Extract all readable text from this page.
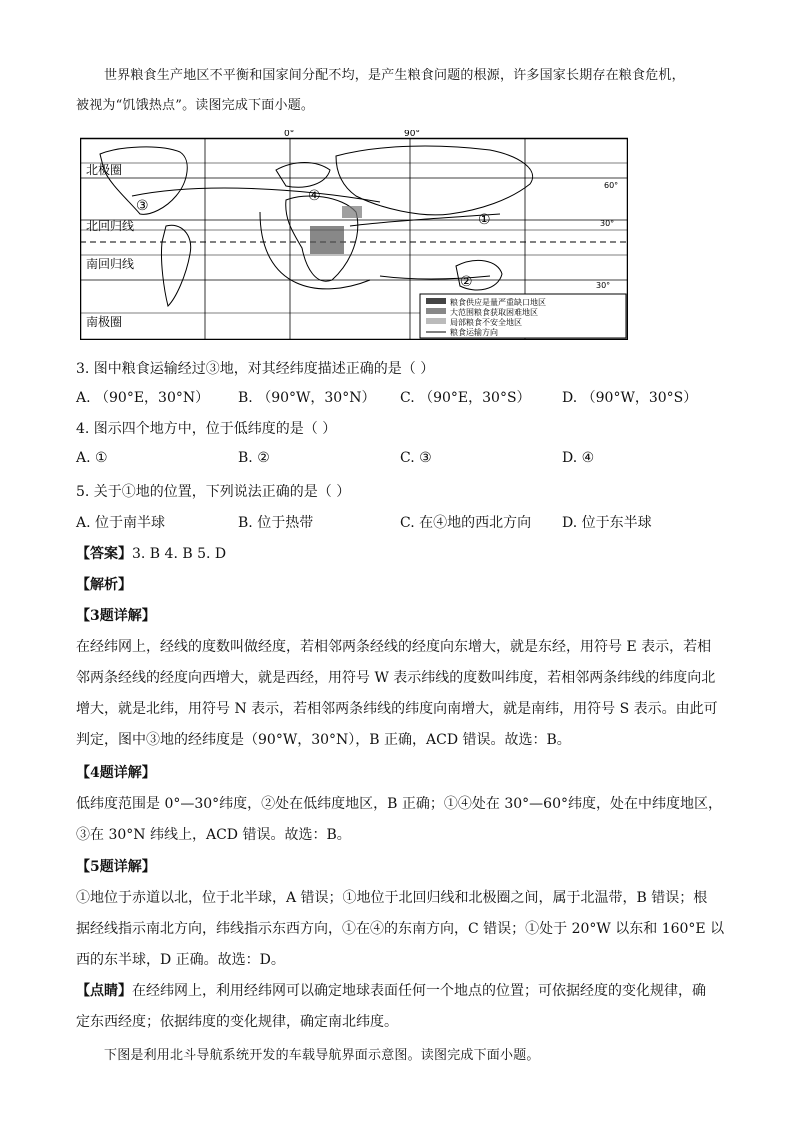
世界粮食生产地区不平衡和国家间分配不均，是产生粮食问题的根源，许多国家长期存在粮食危机，
被视为“饥饿热点”。读图完成下面小题。
0°	90°
60°
30°
30°
北极圈
北回归线
南回归线
南极圈
③
④
①
②
粮食供应是量严重缺口地区
大范围粮食获取困难地区
局部粮食不安全地区
粮食运输方向
3. 图中粮食运输经过③地，对其经纬度描述正确的是（ ）
A. （90°E，30°N） B. （90°W，30°N） C. （90°E，30°S） D. （90°W，30°S）
4. 图示四个地方中，位于低纬度的是（ ）
A. ①	B. ②	C. ③	D. ④
5. 关于①地的位置，下列说法正确的是（ ）
A. 位于南半球	B. 位于热带	C. 在④地的西北方向 D. 位于东半球
【答案】3. B 4. B 5. D
【解析】
【3题详解】
在经纬网上，经线的度数叫做经度，若相邻两条经线的经度向东增大，就是东经，用符号 E 表示，若相
邻两条经线的经度向西增大，就是西经，用符号 W 表示纬线的度数叫纬度，若相邻两条纬线的纬度向北
增大，就是北纬，用符号 N 表示，若相邻两条纬线的纬度向南增大，就是南纬，用符号 S 表示。由此可
判定，图中③地的经纬度是（90°W，30°N），B 正确，ACD 错误。故选：B。
【4题详解】
低纬度范围是 0°—30°纬度，②处在低纬度地区，B 正确；①④处在 30°—60°纬度，处在中纬度地区，
③在 30°N 纬线上，ACD 错误。故选：B。
【5题详解】
①地位于赤道以北，位于北半球，A 错误；①地位于北回归线和北极圈之间，属于北温带，B 错误；根
据经线指示南北方向，纬线指示东西方向，①在④的东南方向，C 错误；①处于 20°W 以东和 160°E 以
西的东半球，D 正确。故选：D。
【点睛】在经纬网上，利用经纬网可以确定地球表面任何一个地点的位置；可依据经度的变化规律，确
定东西经度；依据纬度的变化规律，确定南北纬度。
下图是利用北斗导航系统开发的车载导航界面示意图。读图完成下面小题。
